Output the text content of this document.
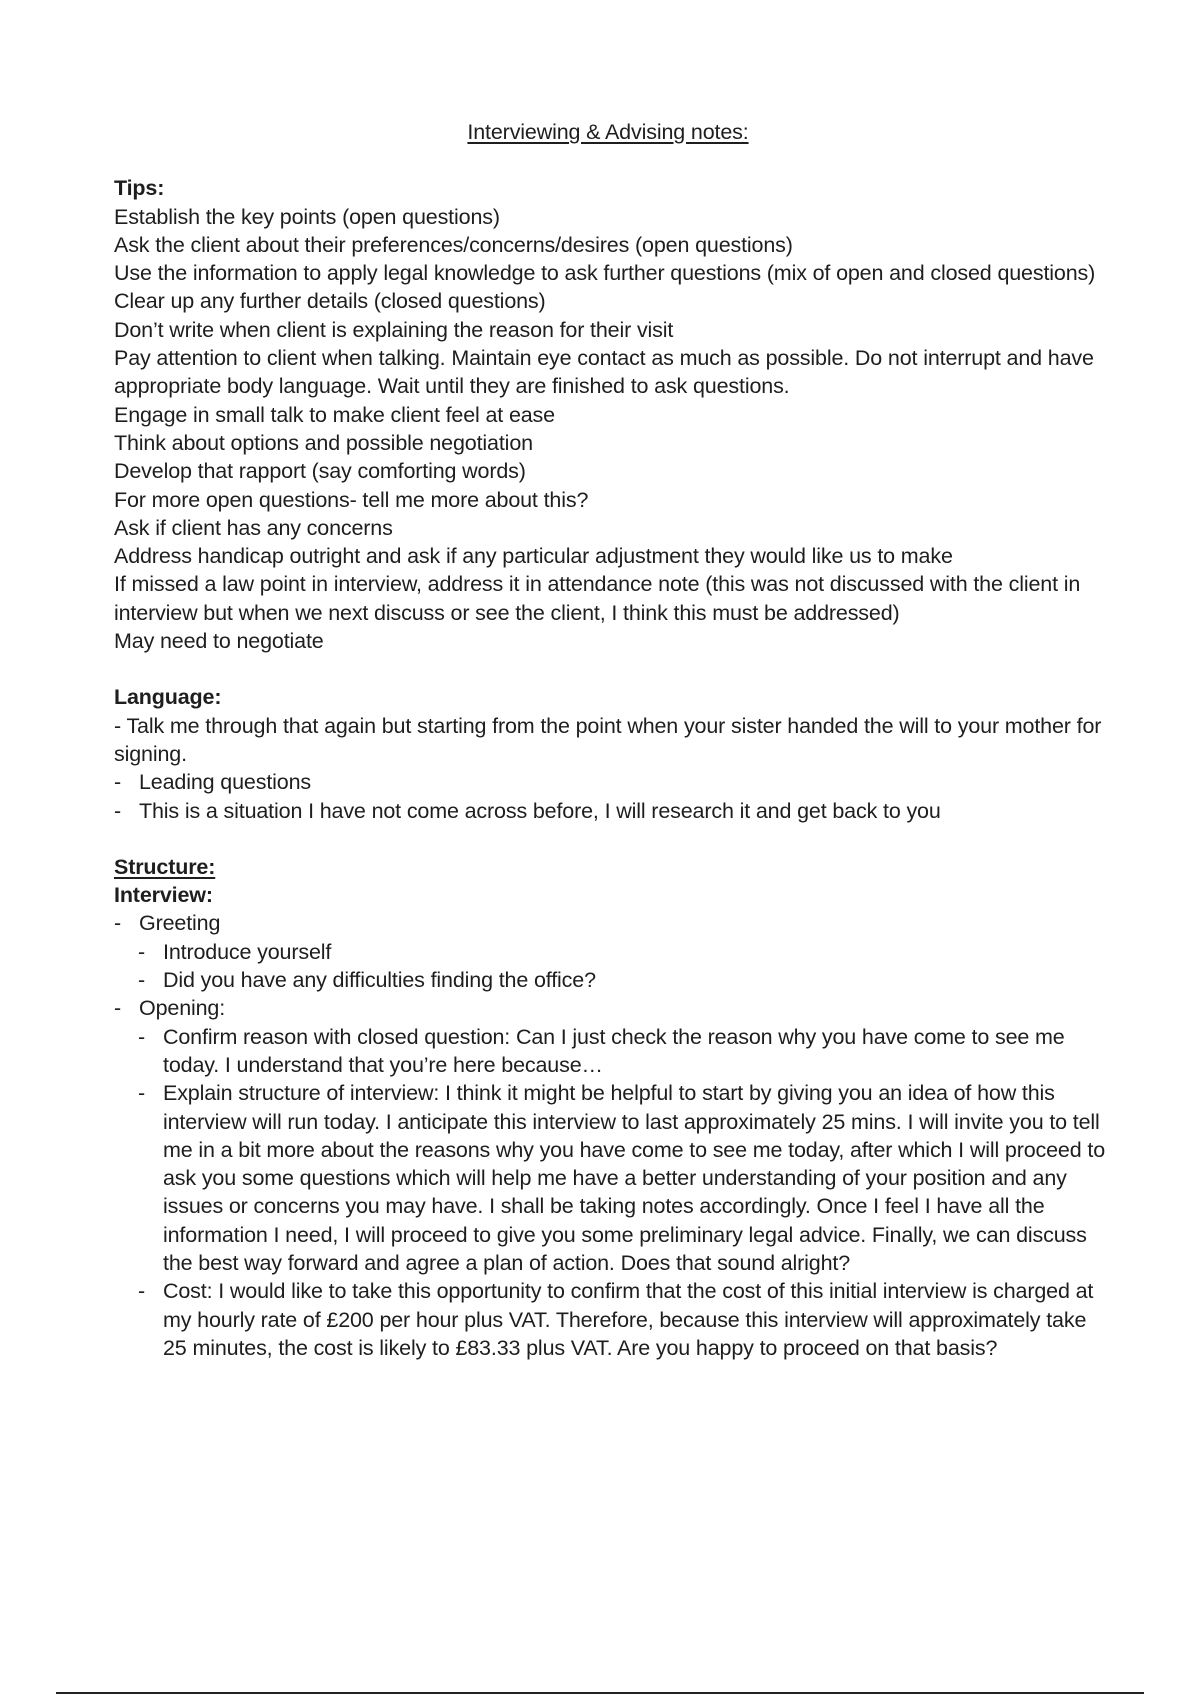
Interviewing & Advising notes:

Tips:

Establish the key points (open questions)

Ask the client about their preferences/concerns/desires (open questions)

Use the information to apply legal knowledge to ask further questions (mix of open and closed questions)

Clear up any further details (closed questions)

Don’t write when client is explaining the reason for their visit

Pay attention to client when talking. Maintain eye contact as much as possible. Do not interrupt and have appropriate body language. Wait until they are finished to ask questions.

Engage in small talk to make client feel at ease

Think about options and possible negotiation

Develop that rapport (say comforting words)

For more open questions- tell me more about this?

Ask if client has any concerns

Address handicap outright and ask if any particular adjustment they would like us to make

If missed a law point in interview, address it in attendance note (this was not discussed with the client in interview but when we next discuss or see the client, I think this must be addressed)

May need to negotiate

Language:

- Talk me through that again but starting from the point when your sister handed the will to your mother for signing.

- Leading questions
- This is a situation I have not come across before, I will research it and get back to you

Structure:

Interview:

- Greeting
- Introduce yourself
- Did you have any difficulties finding the office?
- Opening:
- Confirm reason with closed question: Can I just check the reason why you have come to see me today. I understand that you’re here because…
- Explain structure of interview: I think it might be helpful to start by giving you an idea of how this interview will run today. I anticipate this interview to last approximately 25 mins. I will invite you to tell me in a bit more about the reasons why you have come to see me today, after which I will proceed to ask you some questions which will help me have a better understanding of your position and any issues or concerns you may have. I shall be taking notes accordingly. Once I feel I have all the information I need, I will proceed to give you some preliminary legal advice. Finally, we can discuss the best way forward and agree a plan of action. Does that sound alright?
- Cost: I would like to take this opportunity to confirm that the cost of this initial interview is charged at my hourly rate of £200 per hour plus VAT. Therefore, because this interview will approximately take 25 minutes, the cost is likely to £83.33 plus VAT. Are you happy to proceed on that basis?
